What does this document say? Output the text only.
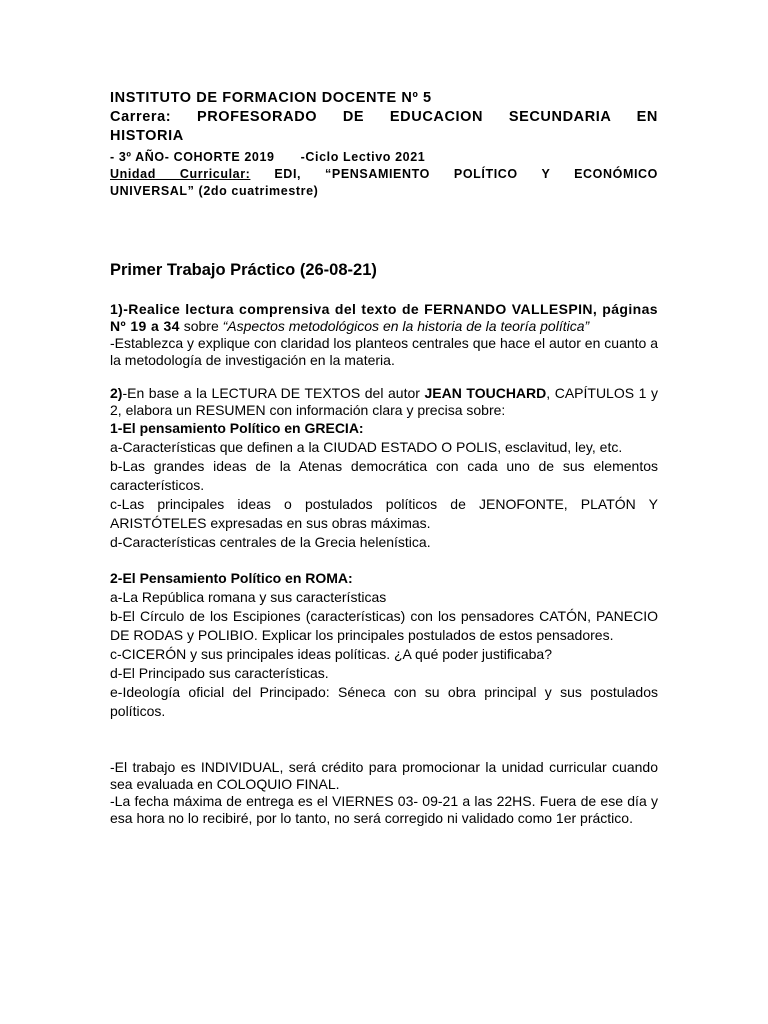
INSTITUTO DE FORMACION DOCENTE Nº 5
Carrera: PROFESORADO DE EDUCACION SECUNDARIA EN
HISTORIA
- 3º AÑO- COHORTE 2019 -Ciclo Lectivo 2021
Unidad Curricular: EDI, “PENSAMIENTO POLÍTICO Y ECONÓMICO
UNIVERSAL” (2do cuatrimestre)
Primer Trabajo Práctico (26-08-21)

1)-Realice lectura comprensiva del texto de FERNANDO VALLESPIN, páginas Nº 19 a 34 sobre “Aspectos metodológicos en la historia de la teoría política”

-Establezca y explique con claridad los planteos centrales que hace el autor en cuanto a la metodología de investigación en la materia.

2)-En base a la LECTURA DE TEXTOS del autor JEAN TOUCHARD, CAPÍTULOS 1 y 2, elabora un RESUMEN con información clara y precisa sobre:

1-El pensamiento Político en GRECIA:

a-Características que definen a la CIUDAD ESTADO O POLIS, esclavitud, ley, etc.

b-Las grandes ideas de la Atenas democrática con cada uno de sus elementos característicos.

c-Las principales ideas o postulados políticos de JENOFONTE, PLATÓN Y ARISTÓTELES expresadas en sus obras máximas.

d-Características centrales de la Grecia helenística.

2-El Pensamiento Político en ROMA:

a-La República romana y sus características

b-El Círculo de los Escipiones (características) con los pensadores CATÓN, PANECIO DE RODAS y POLIBIO. Explicar los principales postulados de estos pensadores.

c-CICERÓN y sus principales ideas políticas. ¿A qué poder justificaba?

d-El Principado sus características.

e-Ideología oficial del Principado: Séneca con su obra principal y sus postulados políticos.

-El trabajo es INDIVIDUAL, será crédito para promocionar la unidad curricular cuando sea evaluada en COLOQUIO FINAL.

-La fecha máxima de entrega es el VIERNES 03- 09-21 a las 22HS. Fuera de ese día y esa hora no lo recibiré, por lo tanto, no será corregido ni validado como 1er práctico.
